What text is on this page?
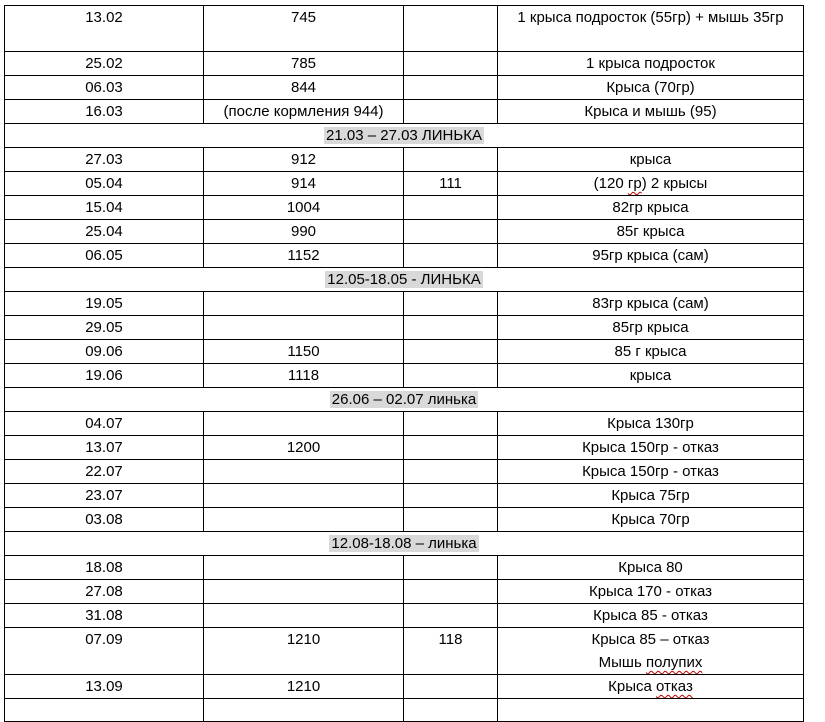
13.02	745		1 крыса подросток (55гр) + мышь 35гр
25.02	785		1 крыса подросток
06.03	844		Крыса (70гр)
16.03	(после кормления 944)		Крыса и мышь (95)
21.03 – 27.03 ЛИНЬКА			
27.03	912		крыса
05.04	914	111	(120 гр) 2 крысы
15.04	1004		82гр крыса
25.04	990		85г крыса
06.05	1152		95гр крыса (сам)
12.05-18.05 - ЛИНЬКА			
19.05			83гр крыса (сам)
29.05			85гр крыса
09.06	1150		85 г крыса
19.06	1118		крыса
26.06 – 02.07 линька			
04.07			Крыса 130гр
13.07	1200		Крыса 150гр - отказ
22.07			Крыса 150гр - отказ
23.07			Крыса 75гр
03.08			Крыса 70гр
12.08-18.08 – линька			
18.08			Крыса 80
27.08			Крыса 170 - отказ
31.08			Крыса 85 - отказ
07.09	1210	118	Крыса 85 – отказ
Мышь полупих

13.09	1210		Крыса отказ
